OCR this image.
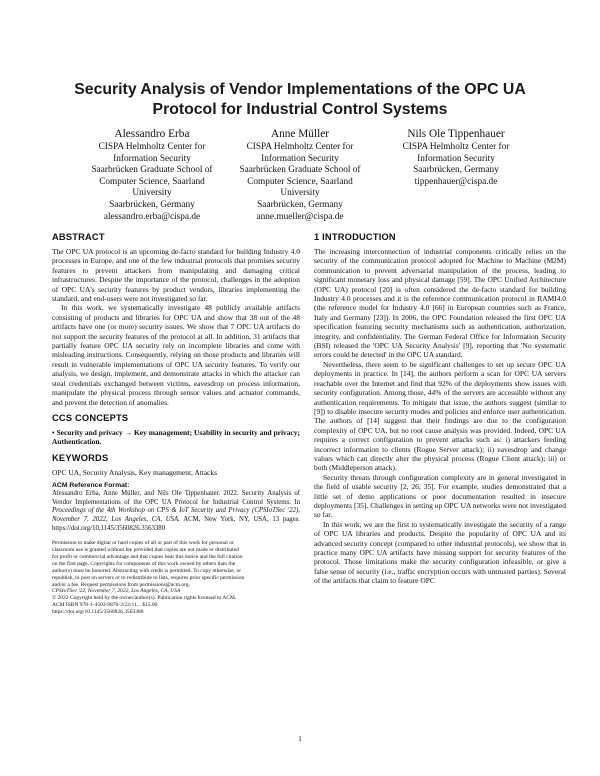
Security Analysis of Vendor Implementations of the OPC UA
Protocol for Industrial Control Systems
Alessandro Erba
CISPA Helmholtz Center for
Information Security
Saarbrücken Graduate School of
Computer Science, Saarland
University
Saarbrücken, Germany
alessandro.erba@cispa.de
Anne Müller
CISPA Helmholtz Center for
Information Security
Saarbrücken Graduate School of
Computer Science, Saarland
University
Saarbrücken, Germany
anne.mueller@cispa.de
Nils Ole Tippenhauer
CISPA Helmholtz Center for
Information Security
Saarbrücken, Germany
tippenhauer@cispa.de
ABSTRACT

The OPC UA protocol is an upcoming de-facto standard for building Industry 4.0 processes in Europe, and one of the few industrial protocols that promises security features to prevent attackers from manipulating and damaging critical infrastructures. Despite the importance of the protocol, challenges in the adoption of OPC UA's security features by product vendors, libraries implementing the standard, and end-users were not investigated so far.

In this work, we systematically investigate 48 publicly available artifacts consisting of products and libraries for OPC UA and show that 38 out of the 48 artifacts have one (or more) security issues. We show that 7 OPC UA artifacts do not support the security features of the protocol at all. In addition, 31 artifacts that partially feature OPC UA security rely on incomplete libraries and come with misleading instructions. Consequently, relying on those products and libraries will result in vulnerable implementations of OPC UA security features. To verify our analysis, we design, implement, and demonstrate attacks in which the attacker can steal credentials exchanged between victims, eavesdrop on process information, manipulate the physical process through sensor values and actuator commands, and prevent the detection of anomalies.

CCS CONCEPTS

• Security and privacy → Key management; Usability in security and privacy; Authentication.

KEYWORDS

OPC UA, Security Analysis, Key management, Attacks

ACM Reference Format:
Alessandro Erba, Anne Müller, and Nils Ole Tippenhauer. 2022. Security Analysis of Vendor Implementations of the OPC UA Protocol for Industrial Control Systems. In Proceedings of the 4th Workshop on CPS & IoT Security and Privacy (CPSIoTSec '22), November 7, 2022, Los Angeles, CA, USA. ACM, New York, NY, USA, 13 pages. https://doi.org/10.1145/3560826.3563380
Permission to make digital or hard copies of all or part of this work for personal or
classroom use is granted without fee provided that copies are not made or distributed
for profit or commercial advantage and that copies bear this notice and the full citation
on the first page. Copyrights for components of this work owned by others than the
author(s) must be honored. Abstracting with credit is permitted. To copy otherwise, or
republish, to post on servers or to redistribute to lists, requires prior specific permission
and/or a fee. Request permissions from permissions@acm.org.
CPSIoTSec '22, November 7, 2022, Los Angeles, CA, USA
© 2022 Copyright held by the owner/author(s). Publication rights licensed to ACM.
ACM ISBN 978-1-4503-9876-3/22/11... $15.00
https://doi.org/10.1145/3560826.3563380
1 INTRODUCTION

The increasing interconnection of industrial components critically relies on the security of the communication protocol adopted for Machine to Machine (M2M) communication to prevent adversarial manipulation of the process, leading to significant monetary loss and physical damage [59]. The OPC Unified Architecture (OPC UA) protocol [20] is often considered the de-facto standard for building Industry 4.0 processes and it is the reference communication protocol in RAMI4.0 (the reference model for Industry 4.0 [66] in European countries such as France, Italy and Germany [23]). In 2006, the OPC Foundation released the first OPC UA specification featuring security mechanisms such as authentication, authorization, integrity, and confidentiality. The German Federal Office for Information Security (BSI) released the 'OPC UA Security Analysis' [9], reporting that 'No systematic errors could be detected' in the OPC UA standard.

Nevertheless, there seem to be significant challenges to set up secure OPC UA deployments in practice. In [14], the authors perform a scan for OPC UA servers reachable over the Internet and find that 92% of the deployments show issues with security configuration. Among those, 44% of the servers are accessible without any authentication requirements. To mitigate that issue, the authors suggest (similar to [9]) to disable insecure security modes and policies and enforce user authentication. The authors of [14] suggest that their findings are due to the configuration complexity of OPC UA, but no root cause analysis was provided. Indeed, OPC UA requires a correct configuration to prevent attacks such as: i) attackers feeding incorrect information to clients (Rogue Server attack); ii) eavesdrop and change values which can directly alter the physical process (Rogue Client attack); iii) or both (Middleperson attack).

Security threats through configuration complexity are in general investigated in the field of usable security [2, 26, 35]. For example, studies demonstrated that a little set of demo applications or poor documentation resulted in insecure deployments [35]. Challenges in setting up OPC UA networks were not investigated so far.

In this work, we are the first to systematically investigate the security of a range of OPC UA libraries and products. Despite the popularity of OPC UA and its advanced security concept (compared to other industrial protocols), we show that in practice many OPC UA artifacts have missing support for security features of the protocol. Those limitations make the security configuration infeasible, or give a false sense of security (i.e., traffic encryption occurs with untrusted parties). Several of the artifacts that claim to feature OPC

1
